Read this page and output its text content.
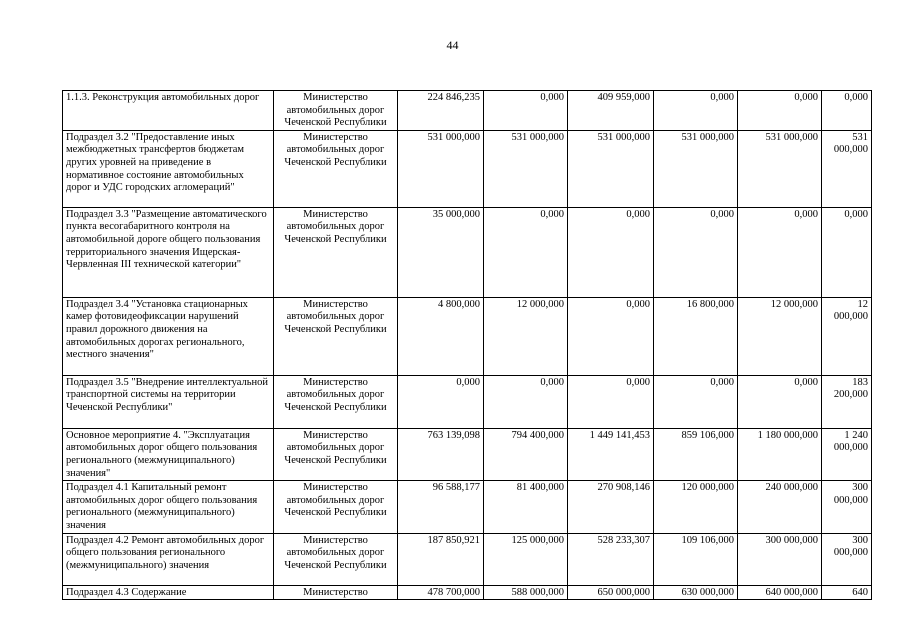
44
1.1.3. Реконструкция автомобильных дорог	Министерство автомобильных дорог Чеченской Республики	224 846,235	0,000	409 959,000	0,000	0,000	0,000
Подраздел 3.2 "Предоставление иных межбюджетных трансфертов бюджетам других уровней на приведение в нормативное состояние автомобильных дорог и УДС городских агломераций"	Министерство автомобильных дорог Чеченской Республики	531 000,000	531 000,000	531 000,000	531 000,000	531 000,000	531 000,000
Подраздел 3.3 "Размещение автоматического пункта весогабаритного контроля на автомобильной дороге общего пользования территориального значения Ищерская-Червленная III технической категории"	Министерство автомобильных дорог Чеченской Республики	35 000,000	0,000	0,000	0,000	0,000	0,000
Подраздел 3.4 "Установка стационарных камер фотовидеофиксации нарушений правил дорожного движения на автомобильных дорогах регионального, местного значения"	Министерство автомобильных дорог Чеченской Республики	4 800,000	12 000,000	0,000	16 800,000	12 000,000	12 000,000
Подраздел 3.5 "Внедрение интеллектуальной транспортной системы на территории Чеченской Республики"	Министерство автомобильных дорог Чеченской Республики	0,000	0,000	0,000	0,000	0,000	183 200,000
Основное мероприятие 4. "Эксплуатация автомобильных дорог общего пользования регионального (межмуниципального) значения"	Министерство автомобильных дорог Чеченской Республики	763 139,098	794 400,000	1 449 141,453	859 106,000	1 180 000,000	1 240 000,000
Подраздел 4.1 Капитальный ремонт автомобильных дорог общего пользования регионального (межмуниципального) значения	Министерство автомобильных дорог Чеченской Республики	96 588,177	81 400,000	270 908,146	120 000,000	240 000,000	300 000,000
Подраздел 4.2 Ремонт автомобильных дорог общего пользования регионального (межмуниципального) значения	Министерство автомобильных дорог Чеченской Республики	187 850,921	125 000,000	528 233,307	109 106,000	300 000,000	300 000,000
Подраздел 4.3 Содержание	Министерство	478 700,000	588 000,000	650 000,000	630 000,000	640 000,000	640
